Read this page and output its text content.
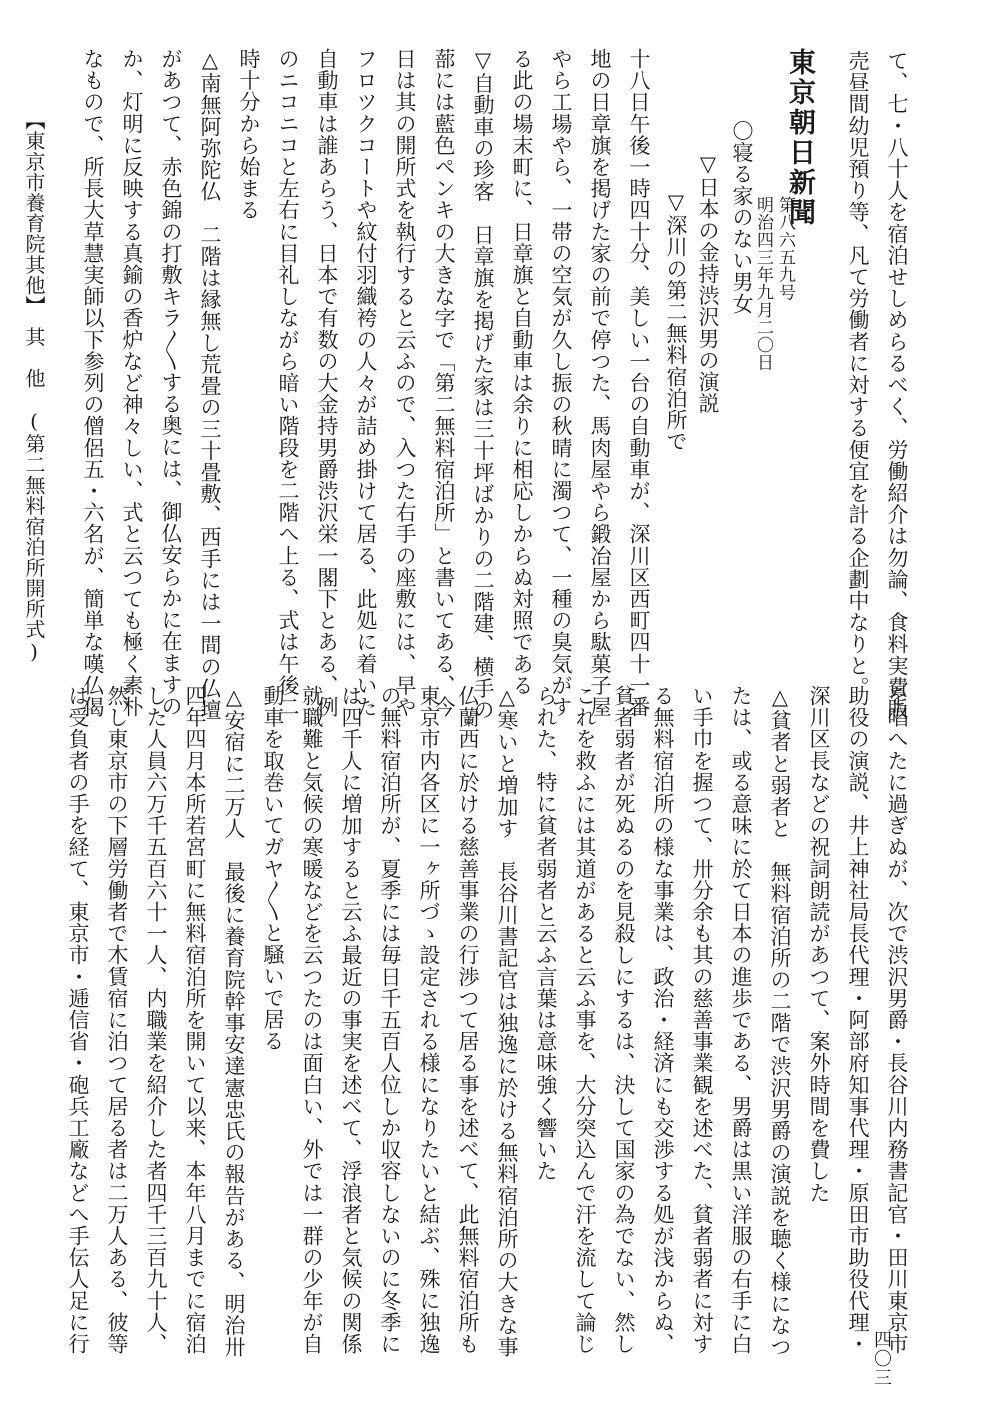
て、七・八十人を宿泊せしめらるべく、労働紹介は勿論、食料実費販
売昼間幼児預り等、凡て労働者に対する便宜を計る企劃中なりと。
東京朝日新聞
第八六五九号
明治四三年九月二〇日
〇寝る家のない男女
▽日本の金持渋沢男の演説
▽深川の第二無料宿泊所で
十八日午後一時四十分、美しい一台の自動車が、深川区西町四十一番
地の日章旗を掲げた家の前で停つた、馬肉屋やら鍛冶屋から駄菓子屋
やら工場やら、一帯の空気が久し振の秋晴に濁つて、一種の臭気がす
る此の場末町に、日章旗と自動車は余りに相応しからぬ対照である
▽自動車の珍客　日章旗を掲げた家は三十坪ばかりの二階建、横手の
蔀には藍色ペンキの大きな字で「第二無料宿泊所」と書いてある、今
日は其の開所式を執行すると云ふので、入つた右手の座敷には、早や
フロツクコートや紋付羽織袴の人々が詰め掛けて居る、此処に着いた
自動車は誰あらう、日本で有数の大金持男爵渋沢栄一閣下とある、例
のニコニコと左右に目礼しながら暗い階段を二階へ上る、式は午後二
時十分から始まる
△南無阿弥陀仏　二階は縁無し荒畳の三十畳敷、西手には一間の仏壇
があつて、赤色錦の打敷キラ〳〵する奥には、御仏安らかに在ますの
か、灯明に反映する真鍮の香炉など神々しい、式と云つても極く素朴
なもので、所長大草慧実師以下参列の僧侶五・六名が、簡単な嘆仏偈
【東京市養育院其他】　其　他　(第二無料宿泊所開所式)
を唱へたに過ぎぬが、次で渋沢男爵・長谷川内務書記官・田川東京市
助役の演説、井上神社局長代理・阿部府知事代理・原田市助役代理・
深川区長などの祝詞朗読があつて、案外時間を費した
△貧者と弱者と　無料宿泊所の二階で渋沢男爵の演説を聴く様になつ
たは、或る意味に於て日本の進歩である、男爵は黒い洋服の右手に白
い手巾を握つて、卅分余も其の慈善事業観を述べた、貧者弱者に対す
る無料宿泊所の様な事業は、政治・経済にも交渉する処が浅からぬ、
貧者弱者が死ぬるのを見殺しにするは、決して国家の為でない、然し
これを救ふには其道があると云ふ事を、大分突込んで汗を流して論じ
られた、特に貧者弱者と云ふ言葉は意味強く響いた
△寒いと増加す　長谷川書記官は独逸に於ける無料宿泊所の大きな事
仏蘭西に於ける慈善事業の行渉つて居る事を述べて、此無料宿泊所も
東京市内各区に一ヶ所づゝ設定される様になりたいと結ぶ、殊に独逸
の無料宿泊所が、夏季には毎日千五百人位しか収容しないのに冬季に
は四千人に増加すると云ふ最近の事実を述べて、浮浪者と気候の関係
就職難と気候の寒暖などを云つたのは面白い、外では一群の少年が自
動車を取巻いてガヤ〳〵と騒いで居る
△安宿に二万人　最後に養育院幹事安達憲忠氏の報告がある、明治卅
四年四月本所若宮町に無料宿泊所を開いて以来、本年八月までに宿泊
した人員六万千五百六十一人、内職業を紹介した者四千三百九十人、
然し東京市の下層労働者で木賃宿に泊つて居る者は二万人ある、彼等
は受負者の手を経て、東京市・逓信省・砲兵工廠などへ手伝人足に行
四〇三
